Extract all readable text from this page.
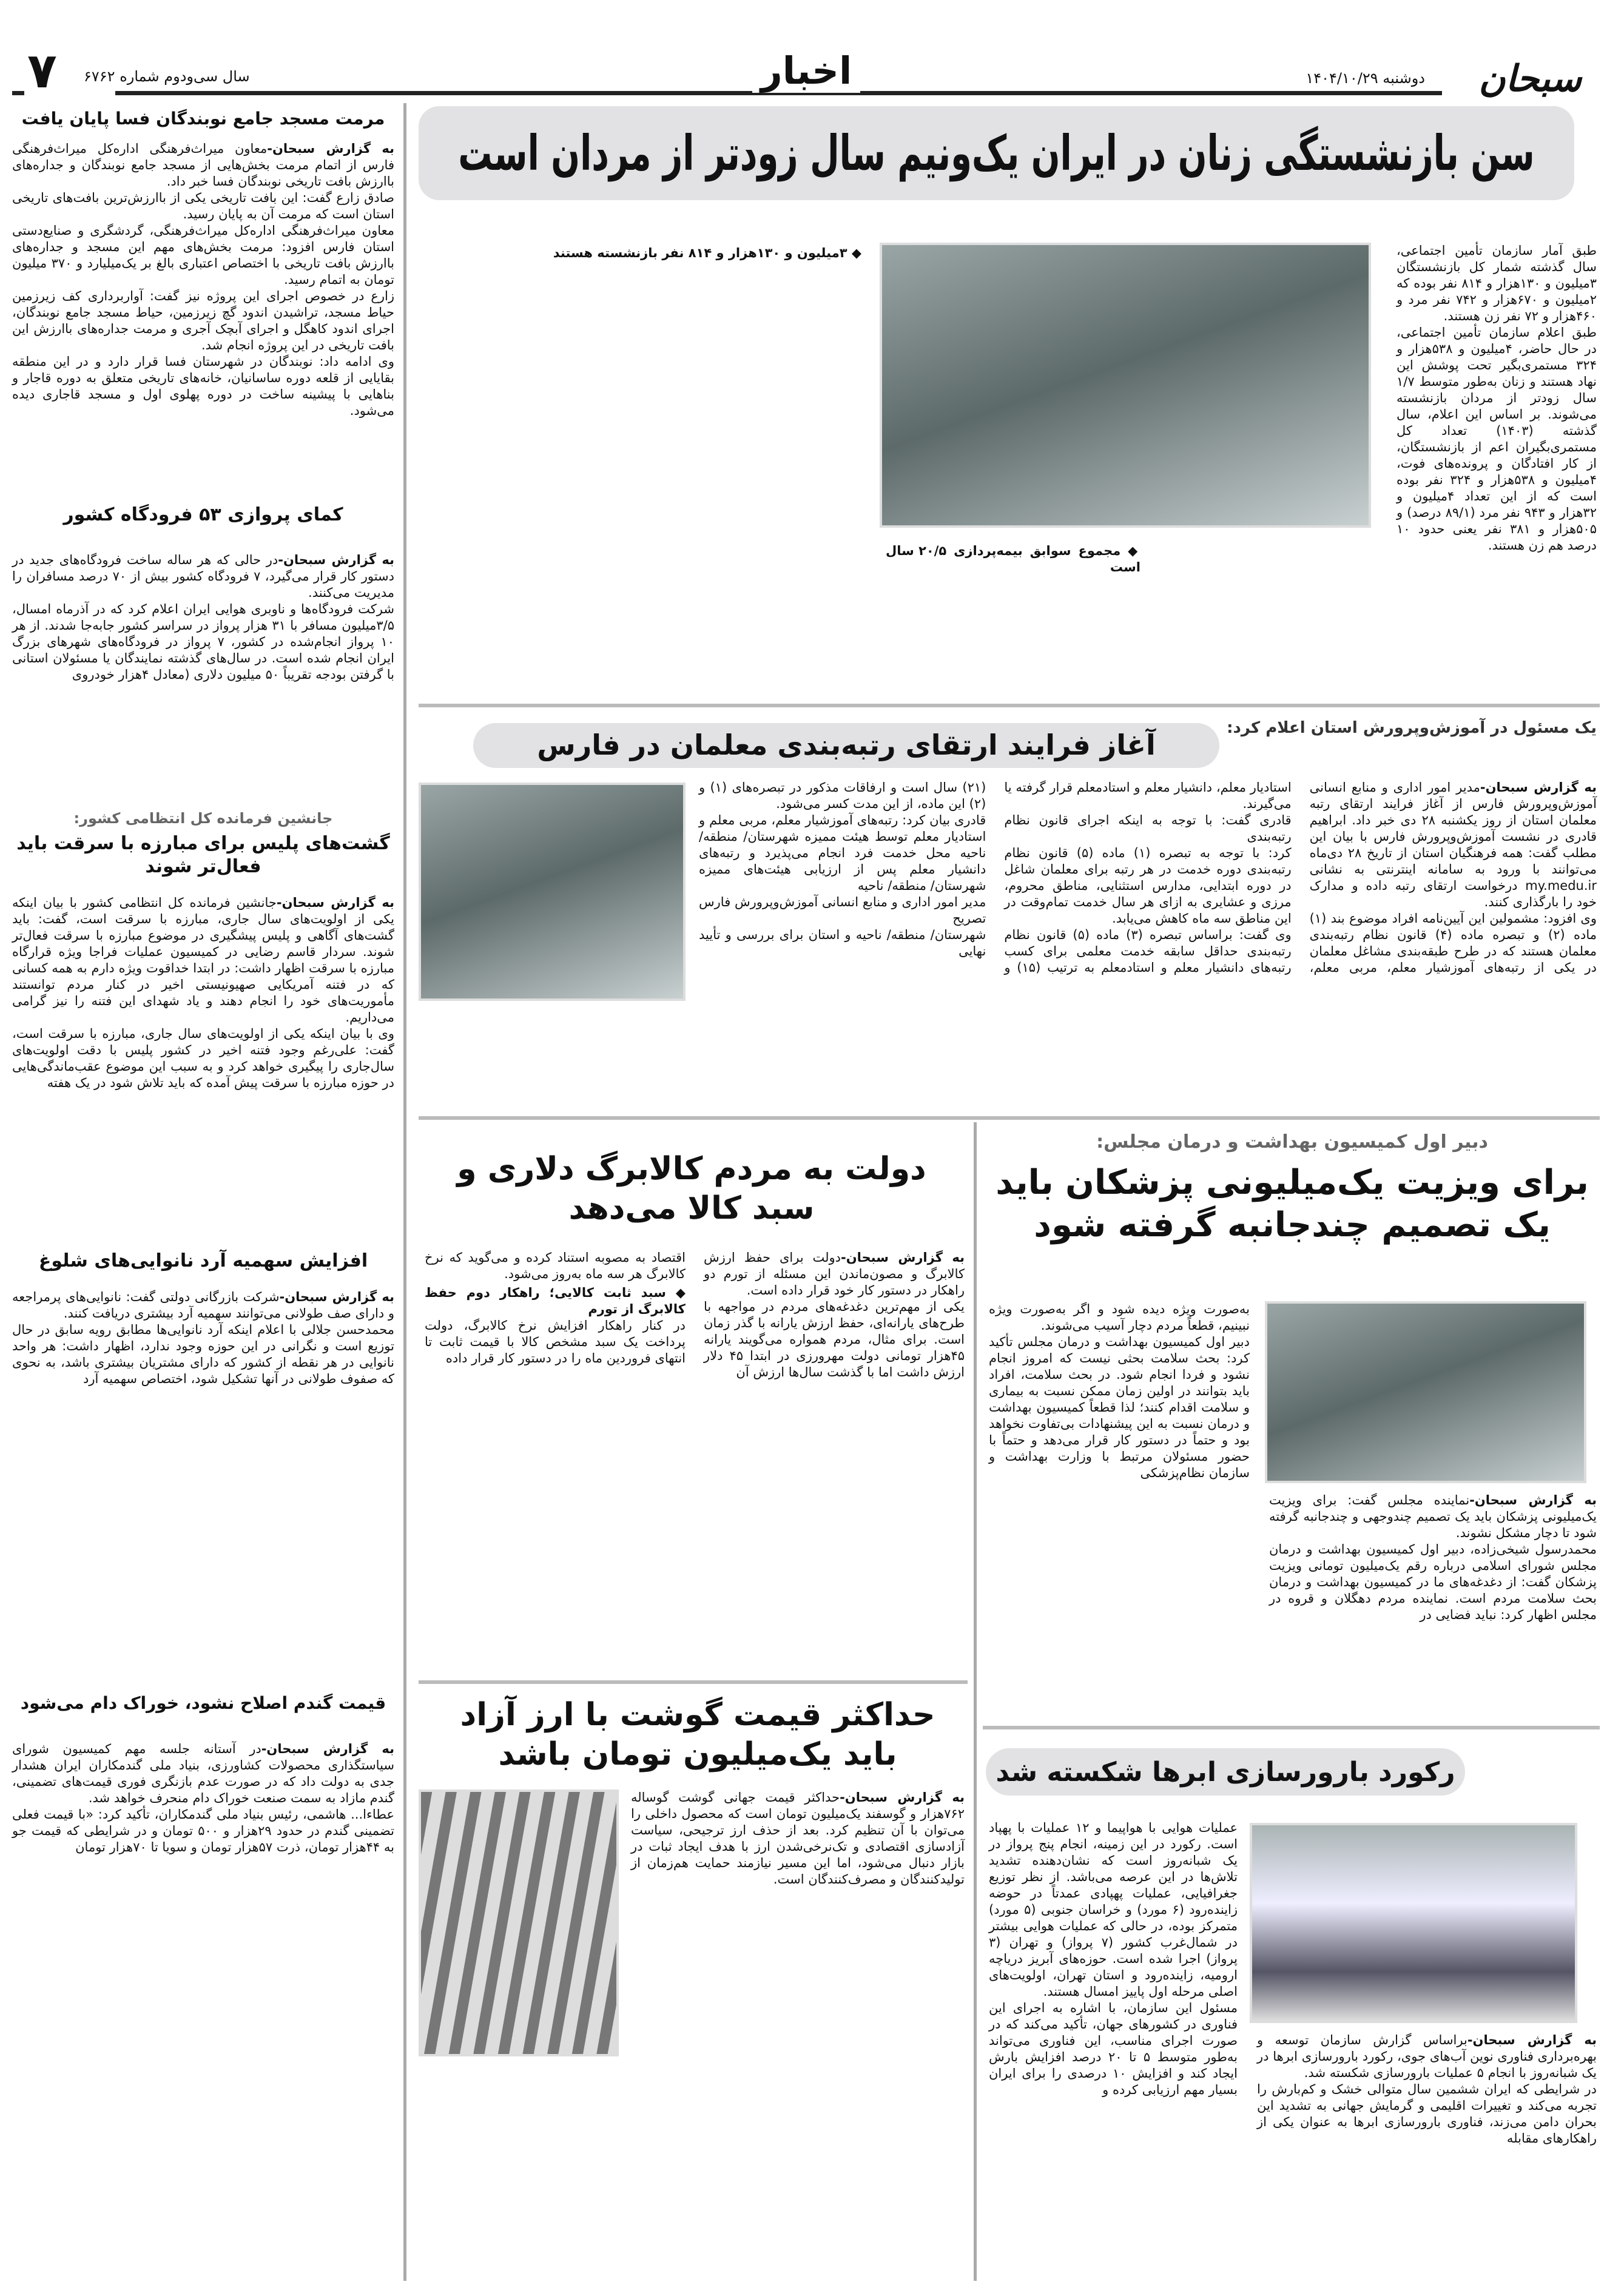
سبحان
دوشنبه ۱۴۰۴/۱۰/۲۹
اخبار
سال سی‌ودوم شماره ۶۷۶۲
۷
سن بازنشستگی زنان در ایران یک‌ونیم سال زودتر از مردان است

طبق آمار سازمان تأمین اجتماعی، سال گذشته شمار کل بازنشستگان ۳میلیون و ۱۳۰هزار و ۸۱۴ نفر بوده که ۲میلیون و ۶۷۰هزار و ۷۴۲ نفر مرد و ۴۶۰هزار و ۷۲ نفر زن هستند.

طبق اعلام سازمان تأمین اجتماعی، در حال حاضر، ۴میلیون و ۵۳۸هزار و ۳۲۴ مستمری‌بگیر تحت پوشش این نهاد هستند و زنان به‌طور متوسط ۱/۷ سال زودتر از مردان بازنشسته می‌شوند. بر اساس این اعلام، سال گذشته (۱۴۰۳) تعداد کل مستمری‌بگیران اعم از بازنشستگان، از کار افتادگان و پرونده‌های فوت، ۴میلیون و ۵۳۸هزار و ۳۲۴ نفر بوده است که از این تعداد ۴میلیون و ۳۲هزار و ۹۴۳ نفر مرد (۸۹/۱ درصد) و ۵۰۵هزار و ۳۸۱ نفر یعنی حدود ۱۰ درصد هم زن هستند.

◆ مجموع سوابق بیمه‌پردازی ۲۰/۵ سال است

◆ ۳میلیون و ۱۳۰هزار و ۸۱۴ نفر بازنشسته هستند

یک مسئول در آموزش‌وپرورش استان اعلام کرد:
آغاز فرایند ارتقای رتبه‌بندی معلمان در فارس

به گزارش سبحان-مدیر امور اداری و منابع انسانی آموزش‌وپرورش فارس از آغاز فرایند ارتقای رتبه معلمان استان از روز یکشنبه ۲۸ دی خبر داد. ابراهیم قادری در نشست آموزش‌وپرورش فارس با بیان این مطلب گفت: همه فرهنگیان استان از تاریخ ۲۸ دی‌ماه می‌توانند با ورود به سامانه اینترنتی به نشانی my.medu.ir درخواست ارتقای رتبه داده و مدارک خود را بارگذاری کنند.

وی افزود: مشمولین این آیین‌نامه افراد موضوع بند (۱) ماده (۲) و تبصره ماده (۴) قانون نظام رتبه‌بندی معلمان هستند که در طرح طبقه‌بندی مشاغل معلمان در یکی از رتبه‌های آموزشیار معلم، مربی معلم، استادیار معلم، دانشیار معلم و استادمعلم قرار گرفته یا می‌گیرند.

قادری گفت: با توجه به اینکه اجرای قانون نظام رتبه‌بندی

کرد: با توجه به تبصره (۱) ماده (۵) قانون نظام رتبه‌بندی دوره خدمت در هر رتبه برای معلمان شاغل در دوره ابتدایی، مدارس استثنایی، مناطق محروم، مرزی و عشایری به ازای هر سال خدمت تمام‌وقت در این مناطق سه ماه کاهش می‌یابد.

وی گفت: براساس تبصره (۳) ماده (۵) قانون نظام رتبه‌بندی حداقل سابقه خدمت معلمی برای کسب رتبه‌های دانشیار معلم و استادمعلم به ترتیب (۱۵) و (۲۱) سال است و ارفاقات مذکور در تبصره‌های (۱) و (۲) این ماده، از این مدت کسر می‌شود.

قادری بیان کرد: رتبه‌های آموزشیار معلم، مربی معلم و استادیار معلم توسط هیئت ممیزه شهرستان/ منطقه/ ناحیه محل خدمت فرد انجام می‌پذیرد و رتبه‌های دانشیار معلم پس از ارزیابی هیئت‌های ممیزه شهرستان/ منطقه/ ناحیه

مدیر امور اداری و منابع انسانی آموزش‌وپرورش فارس تصریح

شهرستان/ منطقه/ ناحیه و استان برای بررسی و تأیید نهایی

دولت به مردم کالابرگ دلاری و سبد کالا می‌دهد

به گزارش سبحان-دولت برای حفظ ارزش کالابرگ و مصون‌ماندن این مسئله از تورم دو راهکار در دستور کار خود قرار داده است.

یکی از مهم‌ترین دغدغه‌های مردم در مواجهه با طرح‌های یارانه‌ای، حفظ ارزش یارانه با گذر زمان است. برای مثال، مردم همواره می‌گویند یارانه ۴۵هزار تومانی دولت مهرورزی در ابتدا ۴۵ دلار ارزش داشت اما با گذشت سال‌ها ارزش آن

اقتصاد به مصوبه استناد کرده و می‌گوید که نرخ کالابرگ هر سه ماه به‌روز می‌شود.

◆ سبد ثابت کالایی؛ راهکار دوم حفظ کالابرگ از تورم

در کنار راهکار افزایش نرخ کالابرگ، دولت پرداخت یک سبد مشخص کالا با قیمت ثابت تا انتهای فروردین ماه را در دستور کار قرار داده

حداکثر قیمت گوشت با ارز آزاد باید یک‌میلیون تومان باشد

به گزارش سبحان-حداکثر قیمت جهانی گوشت گوساله ۷۶۲هزار و گوسفند یک‌میلیون تومان است که محصول داخلی را می‌توان با آن تنظیم کرد. بعد از حذف ارز ترجیحی، سیاست آزادسازی اقتصادی و تک‌نرخی‌شدن ارز با هدف ایجاد ثبات در بازار دنبال می‌شود، اما این مسیر نیازمند حمایت هم‌زمان از تولیدکنندگان و مصرف‌کنندگان است.

دبیر اول کمیسیون بهداشت و درمان مجلس:
برای ویزیت یک‌میلیونی پزشکان باید یک تصمیم چندجانبه گرفته شود

به گزارش سبحان-نماینده مجلس گفت: برای ویزیت یک‌میلیونی پزشکان باید یک تصمیم چندوجهی و چندجانبه گرفته شود تا دچار مشکل نشوند.

محمدرسول شیخی‌زاده، دبیر اول کمیسیون بهداشت و درمان مجلس شورای اسلامی درباره رقم یک‌میلیون تومانی ویزیت پزشکان گفت: از دغدغه‌های ما در کمیسیون بهداشت و درمان بحث سلامت مردم است. نماینده مردم دهگلان و قروه در مجلس اظهار کرد: نباید فضایی در

به‌صورت ویژه دیده شود و اگر به‌صورت ویژه نبینیم، قطعاً مردم دچار آسیب می‌شوند.

دبیر اول کمیسیون بهداشت و درمان مجلس تأکید کرد: بحث سلامت بحثی نیست که امروز انجام نشود و فردا انجام شود. در بحث سلامت، افراد باید بتوانند در اولین زمان ممکن نسبت به بیماری و سلامت اقدام کنند؛ لذا قطعاً کمیسیون بهداشت و درمان نسبت به این پیشنهادات بی‌تفاوت نخواهد بود و حتماً در دستور کار قرار می‌دهد و حتماً با حضور مسئولان مرتبط با وزارت بهداشت و سازمان نظام‌پزشکی

رکورد بارورسازی ابرها شکسته شد

به گزارش سبحان-براساس گزارش سازمان توسعه و بهره‌برداری فناوری نوین آب‌های جوی، رکورد بارورسازی ابرها در یک شبانه‌روز با انجام ۵ عملیات بارورسازی شکسته شد.

در شرایطی که ایران ششمین سال متوالی خشک و کم‌بارش را تجربه می‌کند و تغییرات اقلیمی و گرمایش جهانی به تشدید این بحران دامن می‌زند، فناوری بارورسازی ابرها به عنوان یکی از راهکارهای مقابله

عملیات هوایی با هواپیما و ۱۲ عملیات با پهپاد است. رکورد در این زمینه، انجام پنج پرواز در یک شبانه‌روز است که نشان‌دهنده تشدید تلاش‌ها در این عرصه می‌باشد. از نظر توزیع جغرافیایی، عملیات پهپادی عمدتاً در حوضه زاینده‌رود (۶ مورد) و خراسان جنوبی (۵ مورد) متمرکز بوده، در حالی که عملیات هوایی بیشتر در شمال‌غرب کشور (۷ پرواز) و تهران (۳ پرواز) اجرا شده است. حوزه‌های آبریز دریاچه ارومیه، زاینده‌رود و استان تهران، اولویت‌های اصلی مرحله اول پاییز امسال هستند.

مسئول این سازمان، با اشاره به اجرای این فناوری در کشورهای جهان، تأکید می‌کند که در صورت اجرای مناسب، این فناوری می‌تواند به‌طور متوسط ۵ تا ۲۰ درصد افزایش بارش ایجاد کند و افزایش ۱۰ درصدی را برای ایران بسیار مهم ارزیابی کرده و

مرمت مسجد جامع نوبندگان فسا پایان یافت

به گزارش سبحان-معاون میراث‌فرهنگی اداره‌کل میراث‌فرهنگی فارس از اتمام مرمت بخش‌هایی از مسجد جامع نوبندگان و جداره‌های باارزش بافت تاریخی نوبندگان فسا خبر داد.

صادق زارع گفت: این بافت تاریخی یکی از باارزش‌ترین بافت‌های تاریخی استان است که مرمت آن به پایان رسید.

معاون میراث‌فرهنگی اداره‌کل میراث‌فرهنگی، گردشگری و صنایع‌دستی استان فارس افزود: مرمت بخش‌های مهم این مسجد و جداره‌های باارزش بافت تاریخی با اختصاص اعتباری بالغ بر یک‌میلیارد و ۳۷۰ میلیون تومان به اتمام رسید.

زارع در خصوص اجرای این پروژه نیز گفت: آواربرداری کف زیرزمین حیاط مسجد، تراشیدن اندود گچ زیرزمین، حیاط مسجد جامع نوبندگان، اجرای اندود کاهگل و اجرای آبچک آجری و مرمت جداره‌های باارزش این بافت تاریخی در این پروژه انجام شد.

وی ادامه داد: نوبندگان در شهرستان فسا قرار دارد و در این منطقه بقایایی از قلعه دوره ساسانیان، خانه‌های تاریخی متعلق به دوره قاجار و بناهایی با پیشینه ساخت در دوره پهلوی اول و مسجد قاجاری دیده می‌شود.

کمای پروازی ۵۳ فرودگاه کشور

به گزارش سبحان-در حالی که هر ساله ساخت فرودگاه‌های جدید در دستور کار قرار می‌گیرد، ۷ فرودگاه کشور بیش از ۷۰ درصد مسافران را مدیریت می‌کنند.

شرکت فرودگاه‌ها و ناوبری هوایی ایران اعلام کرد که در آذرماه امسال، ۳/۵میلیون مسافر با ۳۱ هزار پرواز در سراسر کشور جابه‌جا شدند. از هر ۱۰ پرواز انجام‌شده در کشور، ۷ پرواز در فرودگاه‌های شهرهای بزرگ ایران انجام شده است. در سال‌های گذشته نمایندگان یا مسئولان استانی با گرفتن بودجه تقریباً ۵۰ میلیون دلاری (معادل ۴هزار خودروی

جانشین فرمانده کل انتظامی کشور:
گشت‌های پلیس برای مبارزه با سرقت باید فعال‌تر شوند

به گزارش سبحان-جانشین فرمانده کل انتظامی کشور با بیان اینکه یکی از اولویت‌های سال جاری، مبارزه با سرقت است، گفت: باید گشت‌های آگاهی و پلیس پیشگیری در موضوع مبارزه با سرقت فعال‌تر شوند. سردار قاسم رضایی در کمیسیون عملیات فراجا ویژه قرارگاه مبارزه با سرقت اظهار داشت: در ابتدا خداقوت ویژه دارم به همه کسانی که در فتنه آمریکایی صهیونیستی اخیر در کنار مردم توانستند مأموریت‌های خود را انجام دهند و یاد شهدای این فتنه را نیز گرامی می‌داریم.

وی با بیان اینکه یکی از اولویت‌های سال جاری، مبارزه با سرقت است، گفت: علی‌رغم وجود فتنه اخیر در کشور پلیس با دقت اولویت‌های سال‌جاری را پیگیری خواهد کرد و به سبب این موضوع عقب‌ماندگی‌هایی در حوزه مبارزه با سرقت پیش آمده که باید تلاش شود در یک هفته

افزایش سهمیه آرد نانوایی‌های شلوغ

به گزارش سبحان-شرکت بازرگانی دولتی گفت: نانوایی‌های پرمراجعه و دارای صف طولانی می‌توانند سهمیه آرد بیشتری دریافت کنند.

محمدحسن جلالی با اعلام اینکه آرد نانوایی‌ها مطابق رویه سابق در حال توزیع است و نگرانی در این حوزه وجود ندارد، اظهار داشت: هر واحد نانوایی در هر نقطه از کشور که دارای مشتریان بیشتری باشد، به نحوی که صفوف طولانی در آنها تشکیل شود، اختصاص سهمیه آرد

قیمت گندم اصلاح نشود، خوراک دام می‌شود

به گزارش سبحان-در آستانه جلسه مهم کمیسیون شورای سیاستگذاری محصولات کشاورزی، بنیاد ملی گندمکاران ایران هشدار جدی به دولت داد که در صورت عدم بازنگری فوری قیمت‌های تضمینی، گندم مازاد به سمت صنعت خوراک دام منحرف خواهد شد.

عطاءا... هاشمی، رئیس بنیاد ملی گندمکاران، تأکید کرد: «با قیمت فعلی تضمینی گندم در حدود ۲۹هزار و ۵۰۰ تومان و در شرایطی که قیمت جو به ۴۴هزار تومان، ذرت ۵۷هزار تومان و سویا تا ۷۰هزار تومان
